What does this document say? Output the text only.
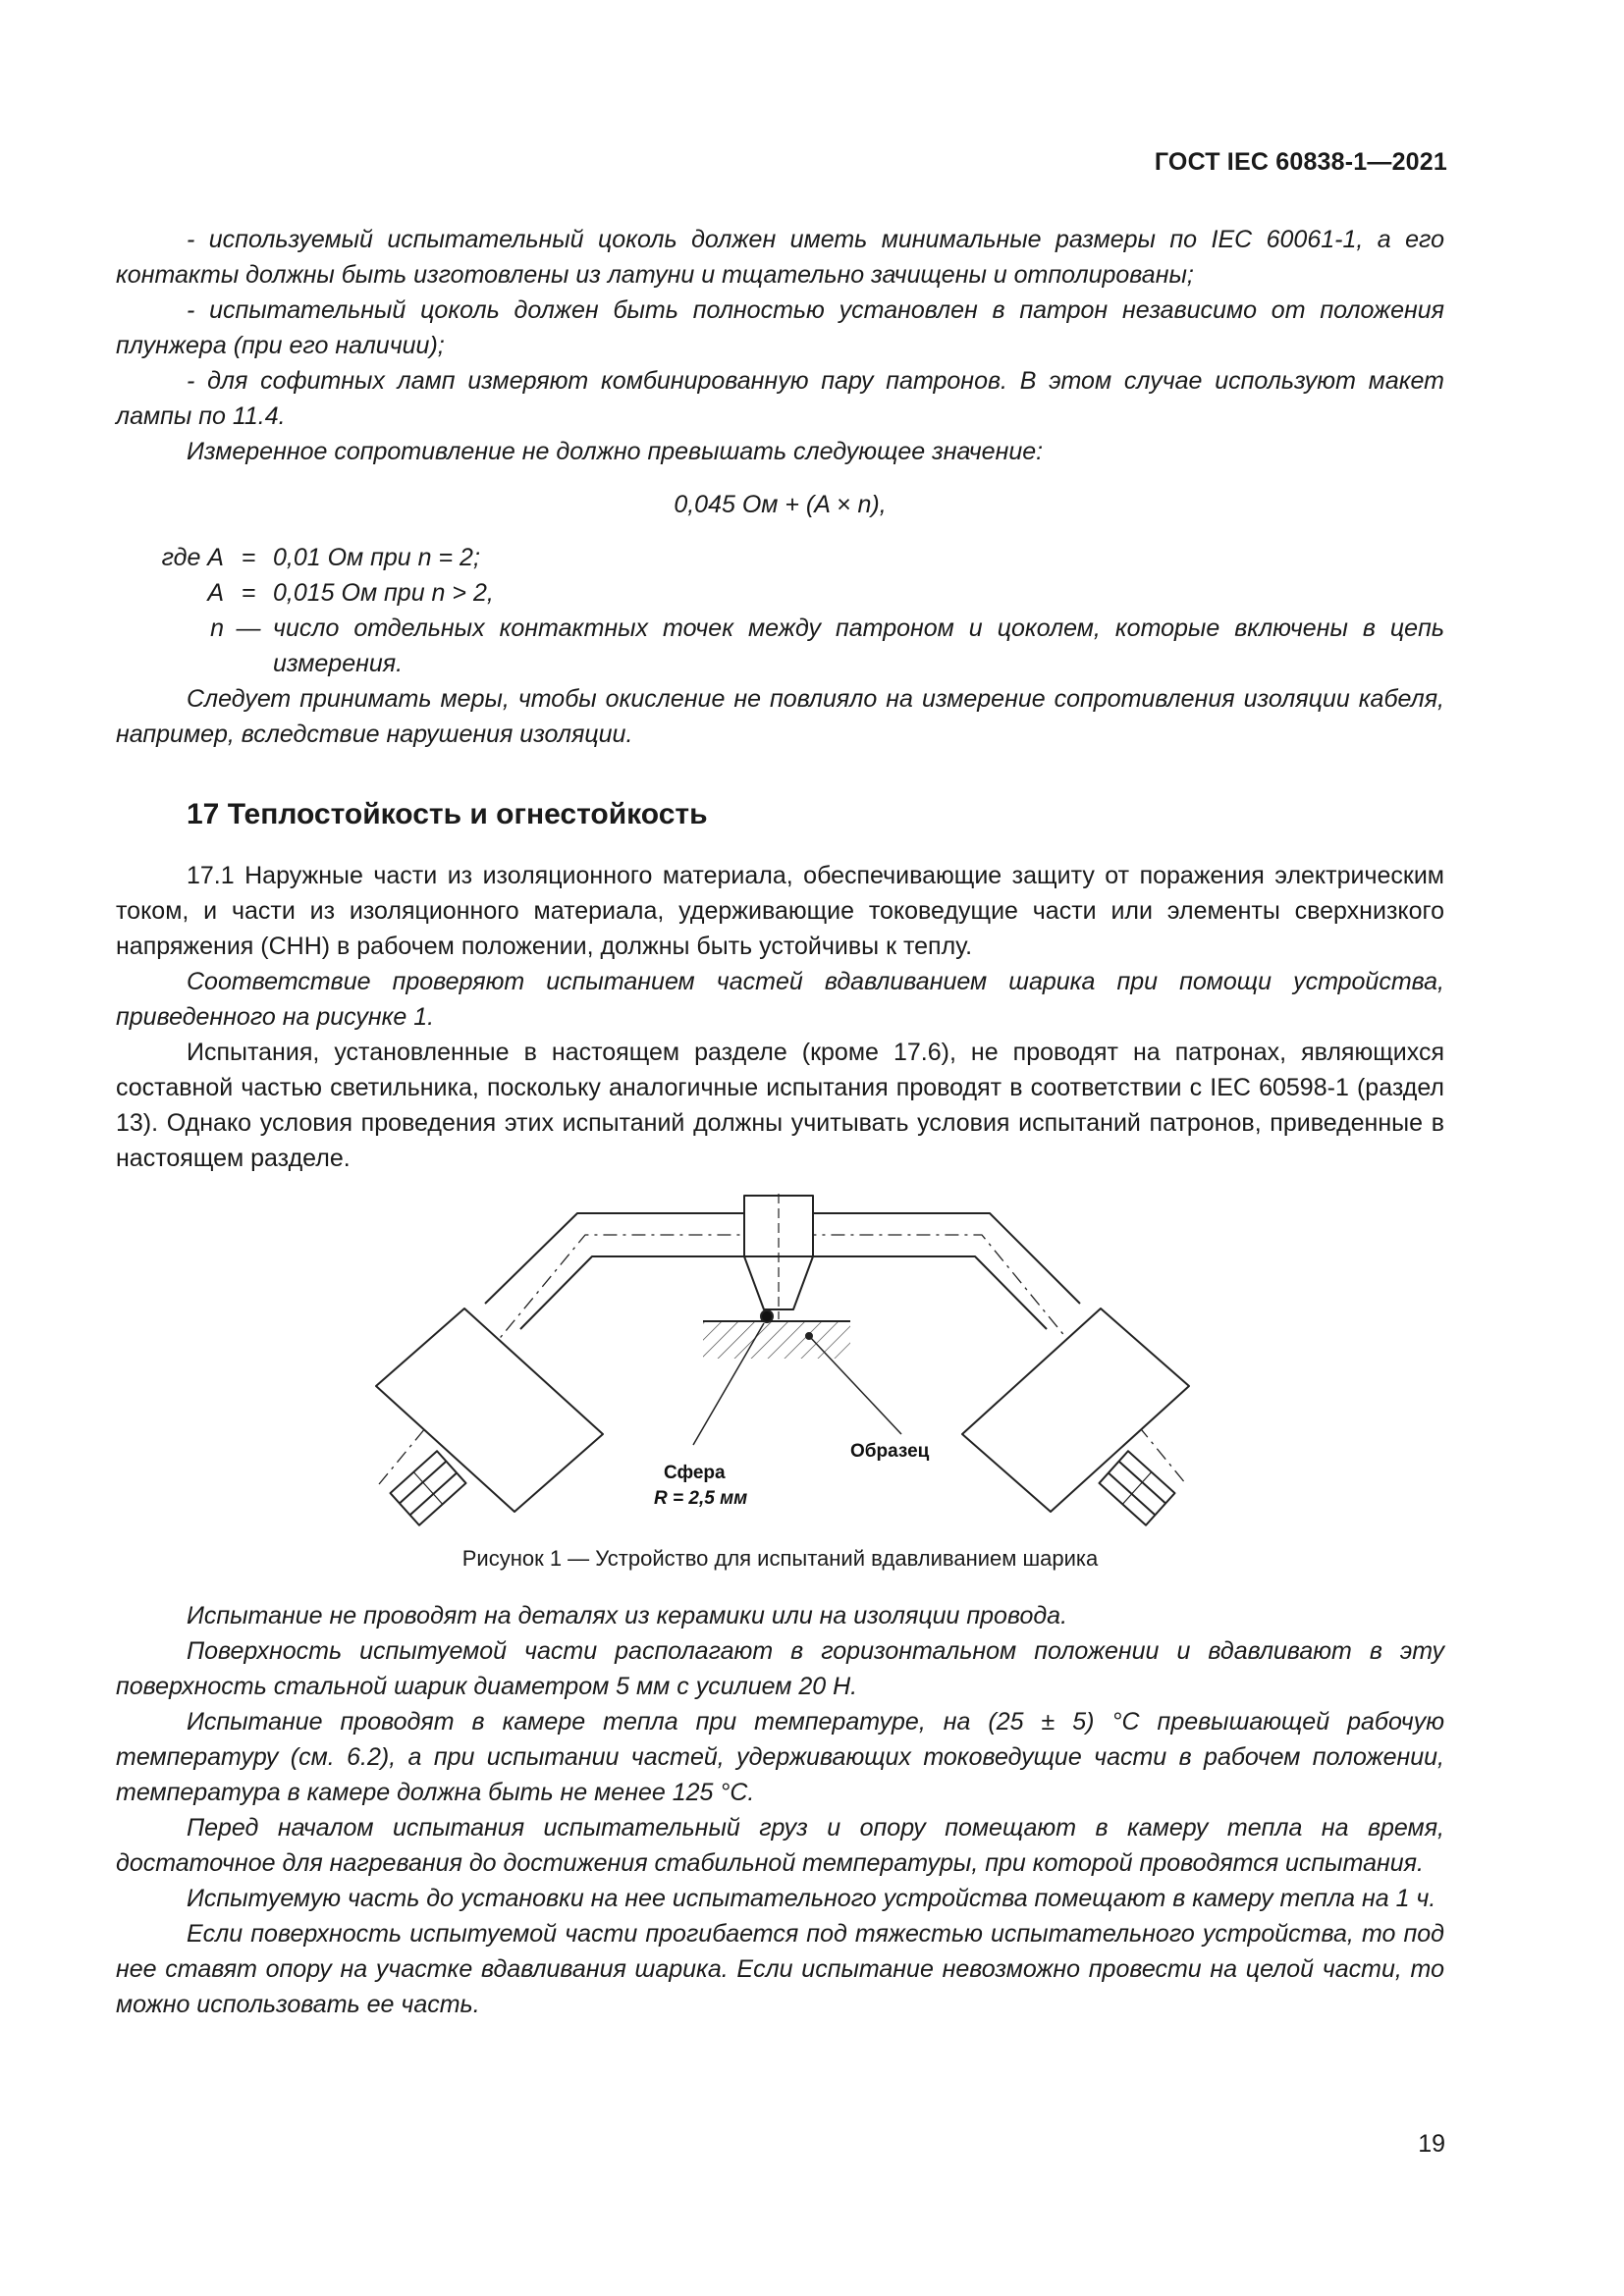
ГОСТ IEC 60838-1—2021

- используемый испытательный цоколь должен иметь минимальные размеры по IEC 60061-1, а его контакты должны быть изготовлены из латуни и тщательно зачищены и отполированы;

- испытательный цоколь должен быть полностью установлен в патрон независимо от положения плунжера (при его наличии);

- для софитных ламп измеряют комбинированную пару патронов. В этом случае используют макет лампы по 11.4.

Измеренное сопротивление не должно превышать следующее значение:

0,045 Ом + (A × n),
где A = 0,01 Ом при n = 2;
A = 0,015 Ом при n > 2,
n — число отдельных контактных точек между патроном и цоколем, которые включены в цепь измерения.

Следует принимать меры, чтобы окисление не повлияло на измерение сопротивления изоляции кабеля, например, вследствие нарушения изоляции.

17 Теплостойкость и огнестойкость

17.1 Наружные части из изоляционного материала, обеспечивающие защиту от поражения электрическим током, и части из изоляционного материала, удерживающие токоведущие части или элементы сверхнизкого напряжения (СНН) в рабочем положении, должны быть устойчивы к теплу.

Соответствие проверяют испытанием частей вдавливанием шарика при помощи устройства, приведенного на рисунке 1.

Испытания, установленные в настоящем разделе (кроме 17.6), не проводят на патронах, являющихся составной частью светильника, поскольку аналогичные испытания проводят в соответствии с IEC 60598-1 (раздел 13). Однако условия проведения этих испытаний должны учитывать условия испытаний патронов, приведенные в настоящем разделе.

Сфера
R = 2,5 мм
Образец
Рисунок 1 — Устройство для испытаний вдавливанием шарика

Испытание не проводят на деталях из керамики или на изоляции провода.

Поверхность испытуемой части располагают в горизонтальном положении и вдавливают в эту поверхность стальной шарик диаметром 5 мм с усилием 20 Н.

Испытание проводят в камере тепла при температуре, на (25 ± 5) °С превышающей рабочую температуру (см. 6.2), а при испытании частей, удерживающих токоведущие части в рабочем положении, температура в камере должна быть не менее 125 °С.

Перед началом испытания испытательный груз и опору помещают в камеру тепла на время, достаточное для нагревания до достижения стабильной температуры, при которой проводятся испытания.

Испытуемую часть до установки на нее испытательного устройства помещают в камеру тепла на 1 ч.

Если поверхность испытуемой части прогибается под тяжестью испытательного устройства, то под нее ставят опору на участке вдавливания шарика. Если испытание невозможно провести на целой части, то можно использовать ее часть.

19
